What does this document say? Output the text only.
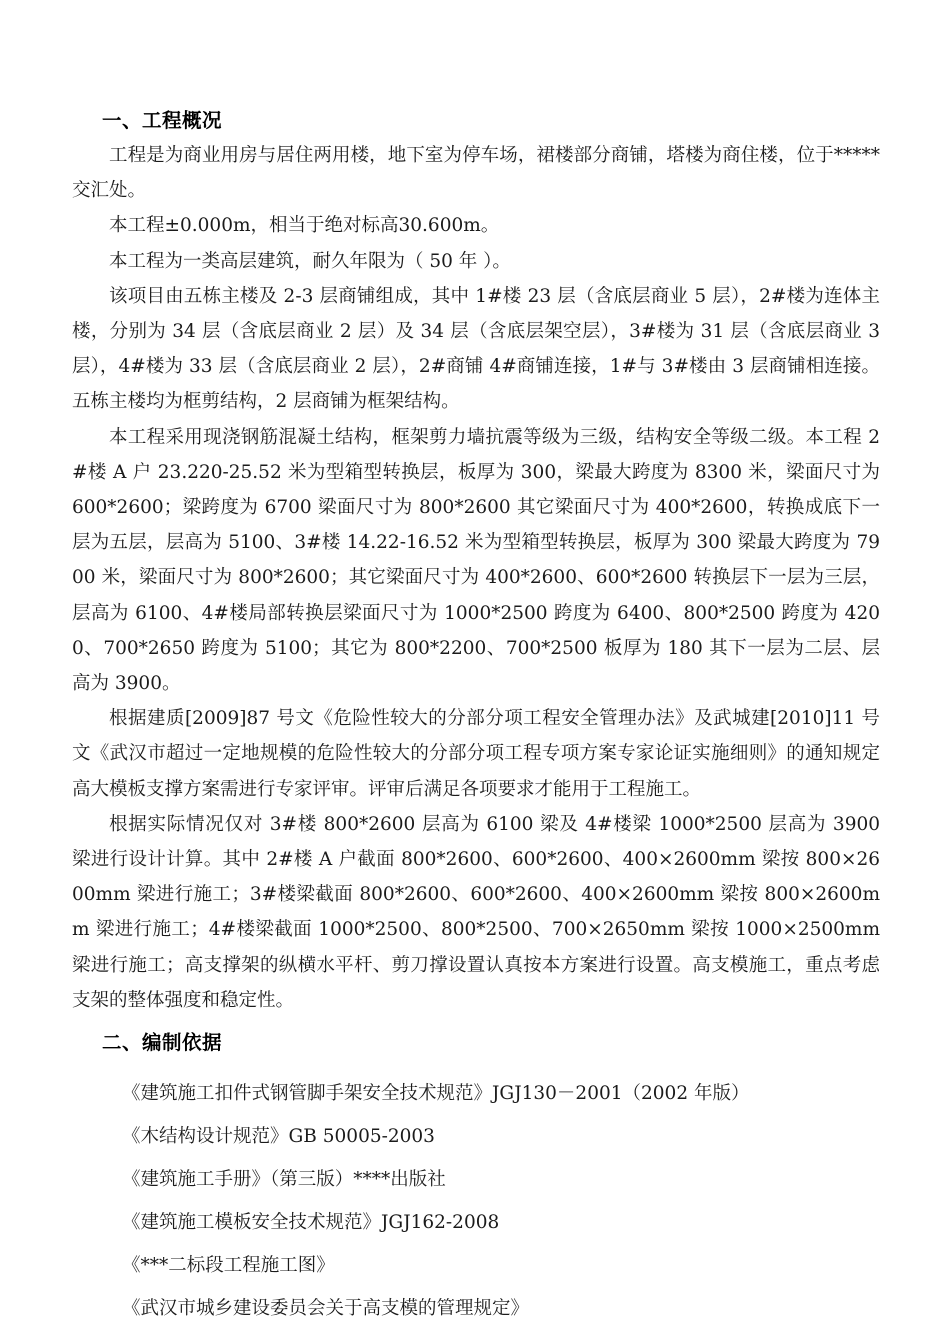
一、工程概况

工程是为商业用房与居住两用楼，地下室为停车场，裙楼部分商铺，塔楼为商住楼，位于*****交汇处。

本工程±0.000m，相当于绝对标高30.600m。

本工程为一类高层建筑，耐久年限为（ 50 年 ）。

该项目由五栋主楼及 2-3 层商铺组成，其中 1#楼 23 层（含底层商业 5 层），2#楼为连体主楼，分别为 34 层（含底层商业 2 层）及 34 层（含底层架空层），3#楼为 31 层（含底层商业 3 层），4#楼为 33 层（含底层商业 2 层），2#商铺 4#商铺连接，1#与 3#楼由 3 层商铺相连接。五栋主楼均为框剪结构，2 层商铺为框架结构。

本工程采用现浇钢筋混凝土结构，框架剪力墙抗震等级为三级，结构安全等级二级。本工程 2#楼 A 户 23.220-25.52 米为型箱型转换层，板厚为 300，梁最大跨度为 8300 米，梁面尺寸为 600*2600；梁跨度为 6700 梁面尺寸为 800*2600 其它梁面尺寸为 400*2600，转换成底下一层为五层，层高为 5100、3#楼 14.22-16.52 米为型箱型转换层，板厚为 300 梁最大跨度为 7900 米，梁面尺寸为 800*2600；其它梁面尺寸为 400*2600、600*2600 转换层下一层为三层，层高为 6100、4#楼局部转换层梁面尺寸为 1000*2500 跨度为 6400、800*2500 跨度为 4200、700*2650 跨度为 5100；其它为 800*2200、700*2500 板厚为 180 其下一层为二层、层高为 3900。

根据建质[2009]87 号文《危险性较大的分部分项工程安全管理办法》及武城建[2010]11 号文《武汉市超过一定地规模的危险性较大的分部分项工程专项方案专家论证实施细则》的通知规定高大模板支撑方案需进行专家评审。评审后满足各项要求才能用于工程施工。

根据实际情况仅对 3#楼 800*2600 层高为 6100 梁及 4#楼梁 1000*2500 层高为 3900 梁进行设计计算。其中 2#楼 A 户截面 800*2600、600*2600、400×2600mm 梁按 800×2600mm 梁进行施工；3#楼梁截面 800*2600、600*2600、400×2600mm 梁按 800×2600mm 梁进行施工；4#楼梁截面 1000*2500、800*2500、700×2650mm 梁按 1000×2500mm 梁进行施工；高支撑架的纵横水平杆、剪刀撑设置认真按本方案进行设置。高支模施工，重点考虑支架的整体强度和稳定性。

二、编制依据
《建筑施工扣件式钢管脚手架安全技术规范》JGJ130－2001（2002 年版）
《木结构设计规范》GB 50005-2003
《建筑施工手册》（第三版）****出版社
《建筑施工模板安全技术规范》JGJ162-2008
《***二标段工程施工图》
《武汉市城乡建设委员会关于高支模的管理规定》
